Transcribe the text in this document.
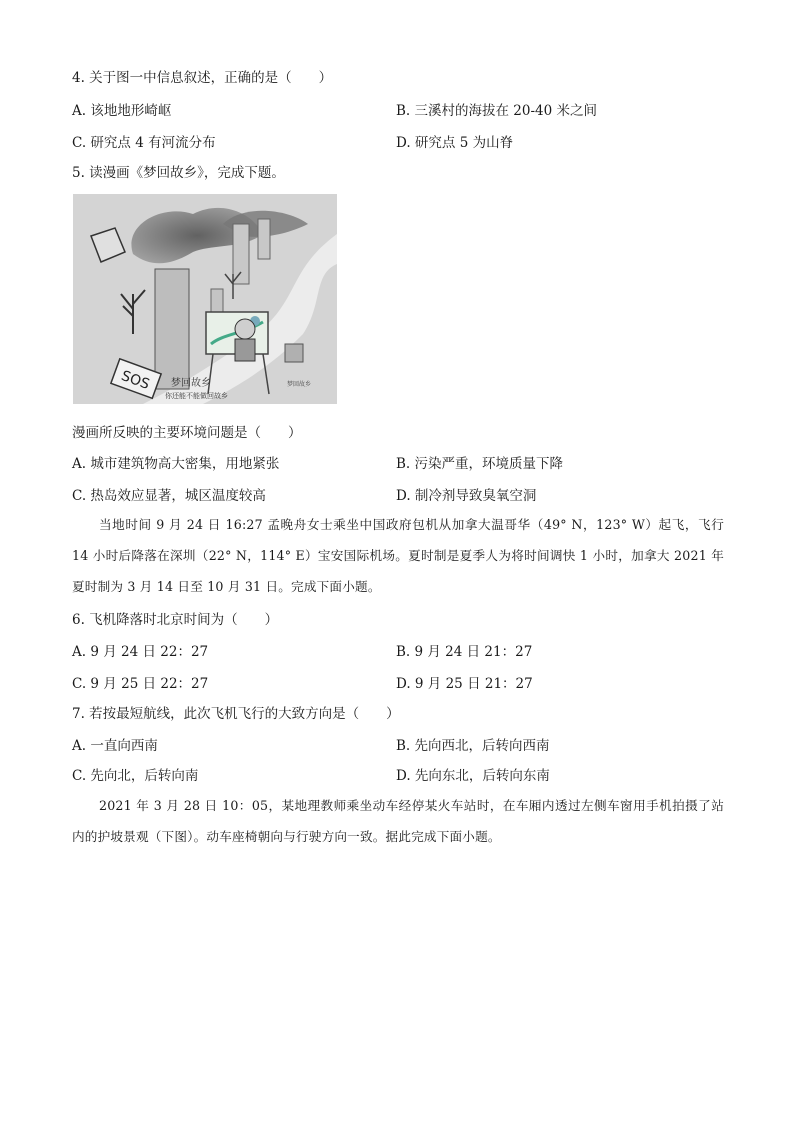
4. 关于图一中信息叙述，正确的是（　　）
A. 该地地形崎岖	B. 三溪村的海拔在 20-40 米之间
C. 研究点 4 有河流分布	D. 研究点 5 为山脊
5. 读漫画《梦回故乡》，完成下题。
SOS 梦回故乡
你还能不能做回故乡
梦回故乡
漫画所反映的主要环境问题是（　　）
A. 城市建筑物高大密集，用地紧张	B. 污染严重，环境质量下降
C. 热岛效应显著，城区温度较高	D. 制冷剂导致臭氧空洞
当地时间 9 月 24 日 16:27 孟晚舟女士乘坐中国政府包机从加拿大温哥华（49° N，123° W）起飞，飞行 14 小时后降落在深圳（22° N，114° E）宝安国际机场。夏时制是夏季人为将时间调快 1 小时，加拿大 2021 年夏时制为 3 月 14 日至 10 月 31 日。完成下面小题。
6. 飞机降落时北京时间为（　　）
A. 9 月 24 日 22：27	B. 9 月 24 日 21：27
C. 9 月 25 日 22：27	D. 9 月 25 日 21：27
7. 若按最短航线，此次飞机飞行的大致方向是（　　）
A. 一直向西南	B. 先向西北，后转向西南
C. 先向北，后转向南	D. 先向东北，后转向东南
2021 年 3 月 28 日 10：05，某地理教师乘坐动车经停某火车站时，在车厢内透过左侧车窗用手机拍摄了站内的护坡景观（下图）。动车座椅朝向与行驶方向一致。据此完成下面小题。
